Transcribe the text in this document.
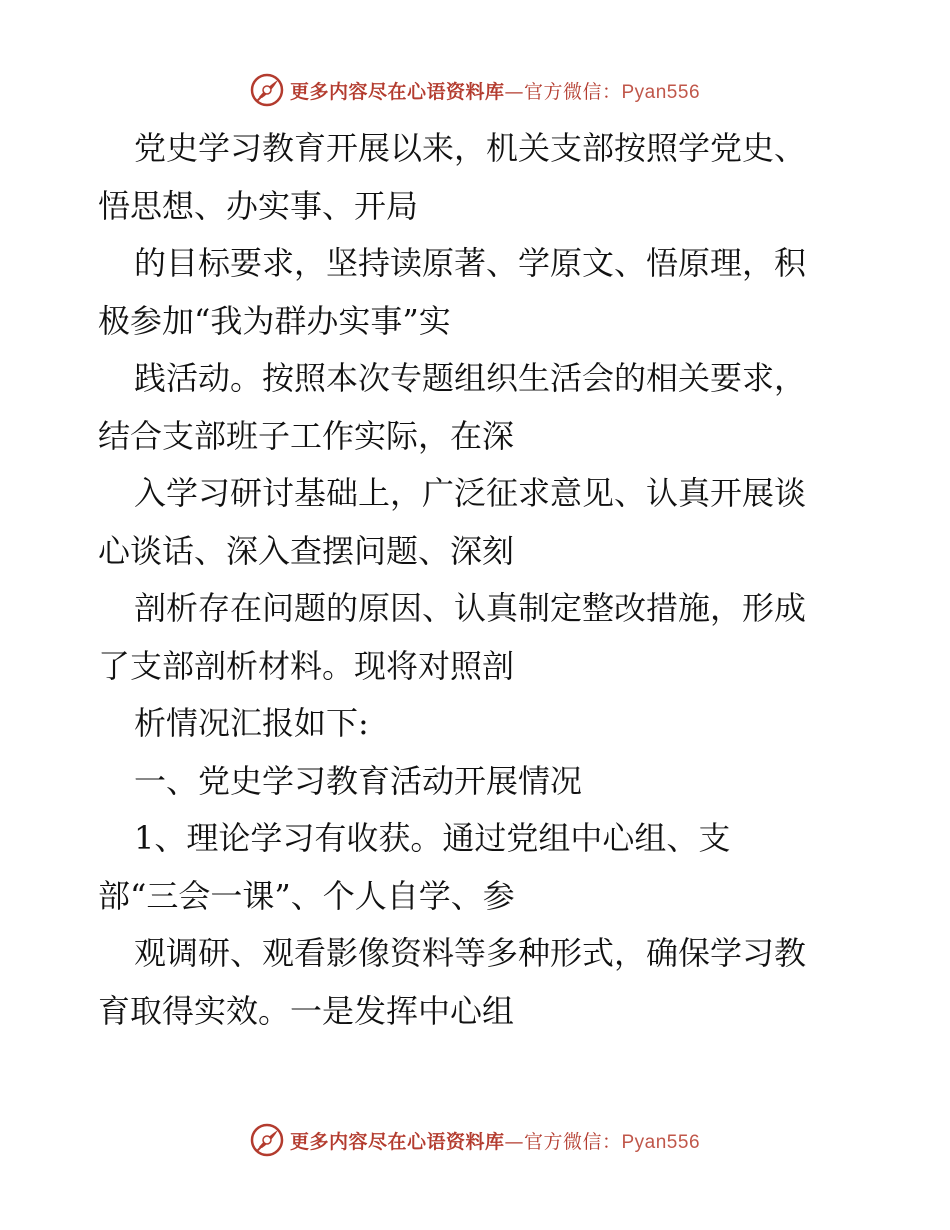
更多内容尽在心语资料库—官方微信：Pyan556
党史学习教育开展以来，机关支部按照学党史、
悟思想、办实事、开局
的目标要求，坚持读原著、学原文、悟原理，积
极参加“我为群办实事”实
践活动。按照本次专题组织生活会的相关要求，
结合支部班子工作实际，在深
入学习研讨基础上，广泛征求意见、认真开展谈
心谈话、深入查摆问题、深刻
剖析存在问题的原因、认真制定整改措施，形成
了支部剖析材料。现将对照剖
析情况汇报如下:
一、党史学习教育活动开展情况
1、理论学习有收获。通过党组中心组、支
部“三会一课”、个人自学、参
观调研、观看影像资料等多种形式，确保学习教
育取得实效。一是发挥中心组
更多内容尽在心语资料库—官方微信：Pyan556
